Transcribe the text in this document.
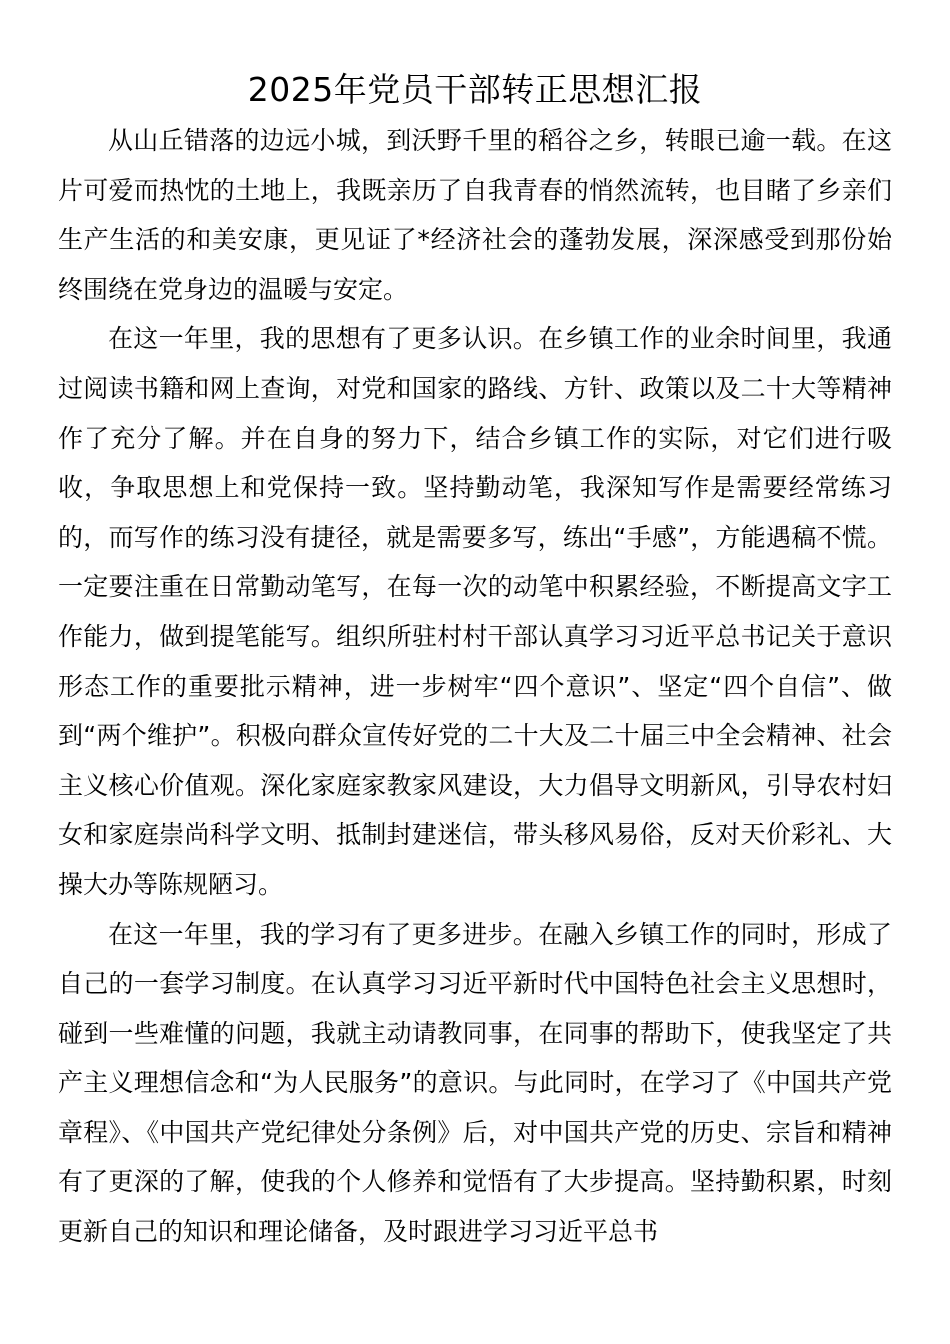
2025年党员干部转正思想汇报

从山丘错落的边远小城，到沃野千里的稻谷之乡，转眼已逾一载。在这片可爱而热忱的土地上，我既亲历了自我青春的悄然流转，也目睹了乡亲们生产生活的和美安康，更见证了*经济社会的蓬勃发展，深深感受到那份始终围绕在党身边的温暖与安定。

在这一年里，我的思想有了更多认识。在乡镇工作的业余时间里，我通过阅读书籍和网上查询，对党和国家的路线、方针、政策以及二十大等精神作了充分了解。并在自身的努力下，结合乡镇工作的实际，对它们进行吸收，争取思想上和党保持一致。坚持勤动笔，我深知写作是需要经常练习的，而写作的练习没有捷径，就是需要多写，练出“手感”，方能遇稿不慌。一定要注重在日常勤动笔写，在每一次的动笔中积累经验，不断提高文字工作能力，做到提笔能写。组织所驻村村干部认真学习习近平总书记关于意识形态工作的重要批示精神，进一步树牢“四个意识”、坚定“四个自信”、做到“两个维护”。积极向群众宣传好党的二十大及二十届三中全会精神、社会主义核心价值观。深化家庭家教家风建设，大力倡导文明新风，引导农村妇女和家庭崇尚科学文明、抵制封建迷信，带头移风易俗，反对天价彩礼、大操大办等陈规陋习。

在这一年里，我的学习有了更多进步。在融入乡镇工作的同时，形成了自己的一套学习制度。在认真学习习近平新时代中国特色社会主义思想时，碰到一些难懂的问题，我就主动请教同事，在同事的帮助下，使我坚定了共产主义理想信念和“为人民服务”的意识。与此同时，在学习了《中国共产党章程》、《中国共产党纪律处分条例》后，对中国共产党的历史、宗旨和精神有了更深的了解，使我的个人修养和觉悟有了大步提高。坚持勤积累，时刻更新自己的知识和理论储备，及时跟进学习习近平总书
